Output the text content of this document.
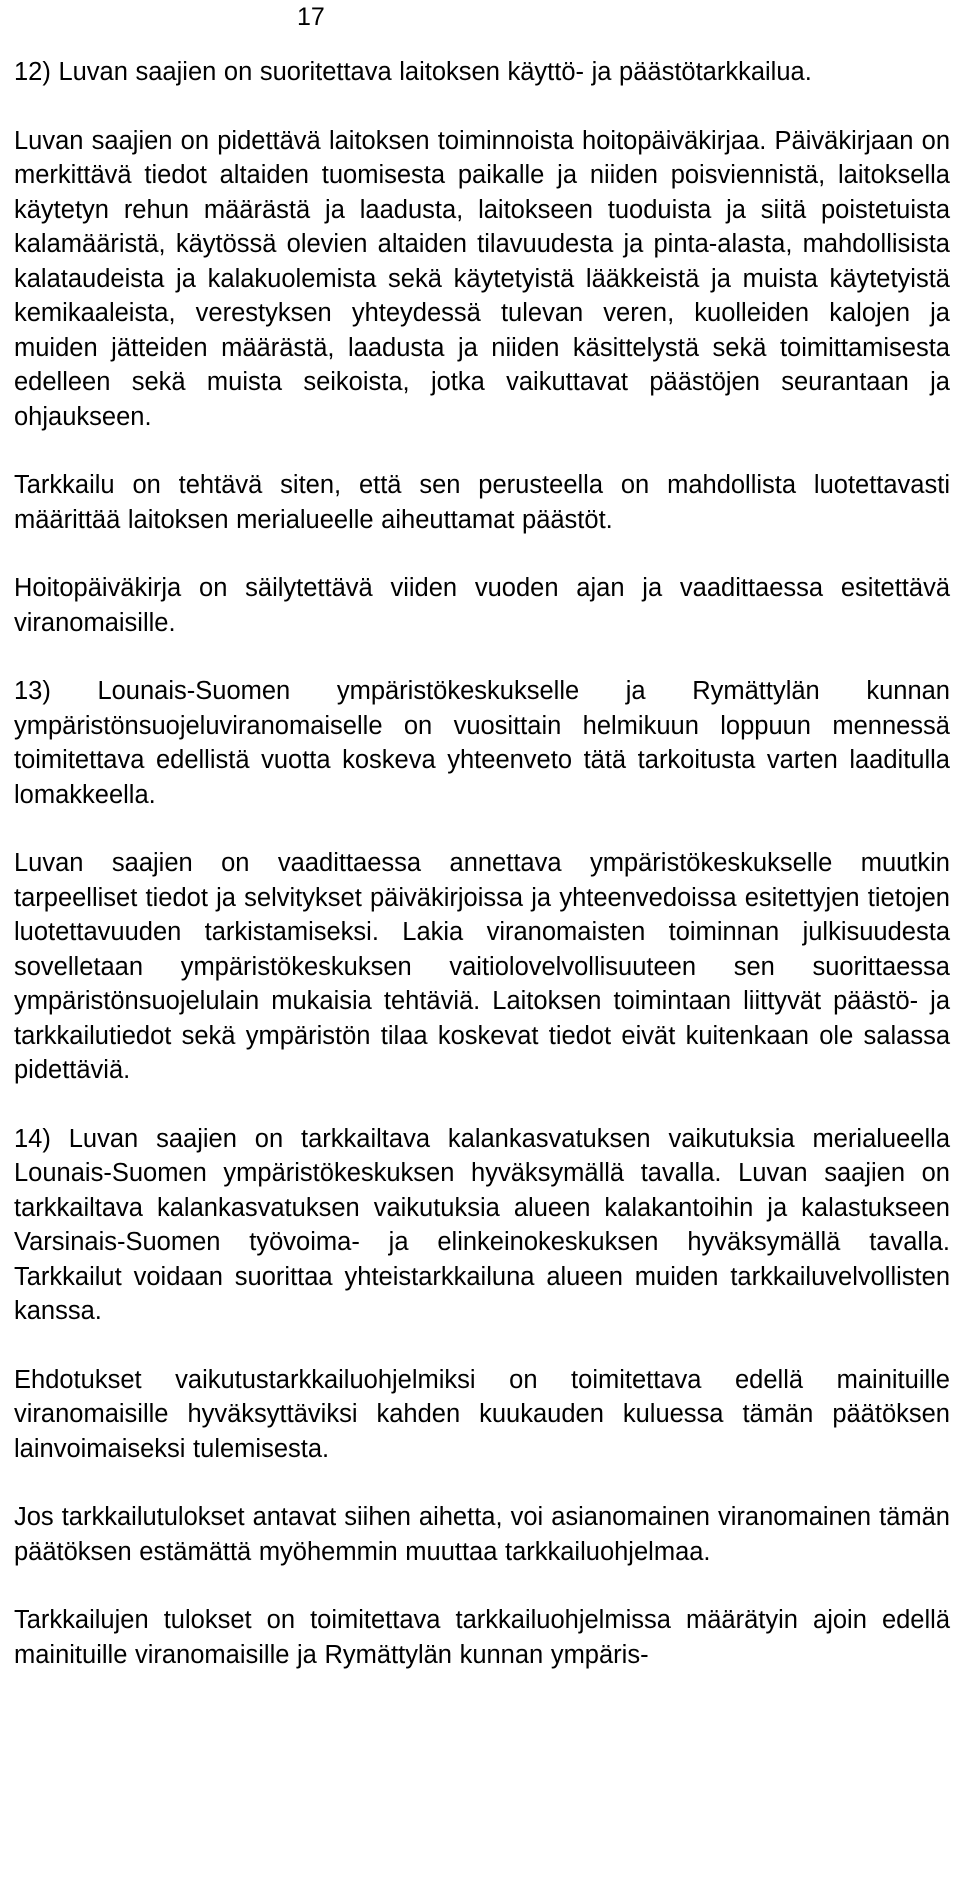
17

12) Luvan saajien on suoritettava laitoksen käyttö- ja päästötarkkailua.

Luvan saajien on pidettävä laitoksen toiminnoista hoitopäiväkirjaa. Päiväkirjaan on merkittävä tiedot altaiden tuomisesta paikalle ja niiden poisviennistä, laitoksella käytetyn rehun määrästä ja laadusta, laitokseen tuoduista ja siitä poistetuista kalamääristä, käytössä olevien altaiden tilavuudesta ja pinta-alasta, mahdollisista kalataudeista ja kalakuolemista sekä käytetyistä lääkkeistä ja muista käytetyistä kemikaaleista, verestyksen yhteydessä tulevan veren, kuolleiden kalojen ja muiden jätteiden määrästä, laadusta ja niiden käsittelystä sekä toimittamisesta edelleen sekä muista seikoista, jotka vaikuttavat päästöjen seurantaan ja ohjaukseen.

Tarkkailu on tehtävä siten, että sen perusteella on mahdollista luotettavasti määrittää laitoksen merialueelle aiheuttamat päästöt.

Hoitopäiväkirja on säilytettävä viiden vuoden ajan ja vaadittaessa esitettävä viranomaisille.

13) Lounais-Suomen ympäristökeskukselle ja Rymättylän kunnan ympäristönsuojeluviranomaiselle on vuosittain helmikuun loppuun mennessä toimitettava edellistä vuotta koskeva yhteenveto tätä tarkoitusta varten laaditulla lomakkeella.

Luvan saajien on vaadittaessa annettava ympäristökeskukselle muutkin tarpeelliset tiedot ja selvitykset päiväkirjoissa ja yhteenvedoissa esitettyjen tietojen luotettavuuden tarkistamiseksi. Lakia viranomaisten toiminnan julkisuudesta sovelletaan ympäristökeskuksen vaitiolovelvollisuuteen sen suorittaessa ympäristönsuojelulain mukaisia tehtäviä. Laitoksen toimintaan liittyvät päästö- ja tarkkailutiedot sekä ympäristön tilaa koskevat tiedot eivät kuitenkaan ole salassa pidettäviä.

14) Luvan saajien on tarkkailtava kalankasvatuksen vaikutuksia merialueella Lounais-Suomen ympäristökeskuksen hyväksymällä tavalla. Luvan saajien on tarkkailtava kalankasvatuksen vaikutuksia alueen kalakantoihin ja kalastukseen Varsinais-Suomen työvoima- ja elinkeinokeskuksen hyväksymällä tavalla. Tarkkailut voidaan suorittaa yhteistarkkailuna alueen muiden tarkkailuvelvollisten kanssa.

Ehdotukset vaikutustarkkailuohjelmiksi on toimitettava edellä mainituille viranomaisille hyväksyttäviksi kahden kuukauden kuluessa tämän päätöksen lainvoimaiseksi tulemisesta.

Jos tarkkailutulokset antavat siihen aihetta, voi asianomainen viranomainen tämän päätöksen estämättä myöhemmin muuttaa tarkkailuohjelmaa.

Tarkkailujen tulokset on toimitettava tarkkailuohjelmissa määrätyin ajoin edellä mainituille viranomaisille ja Rymättylän kunnan ympäris-
